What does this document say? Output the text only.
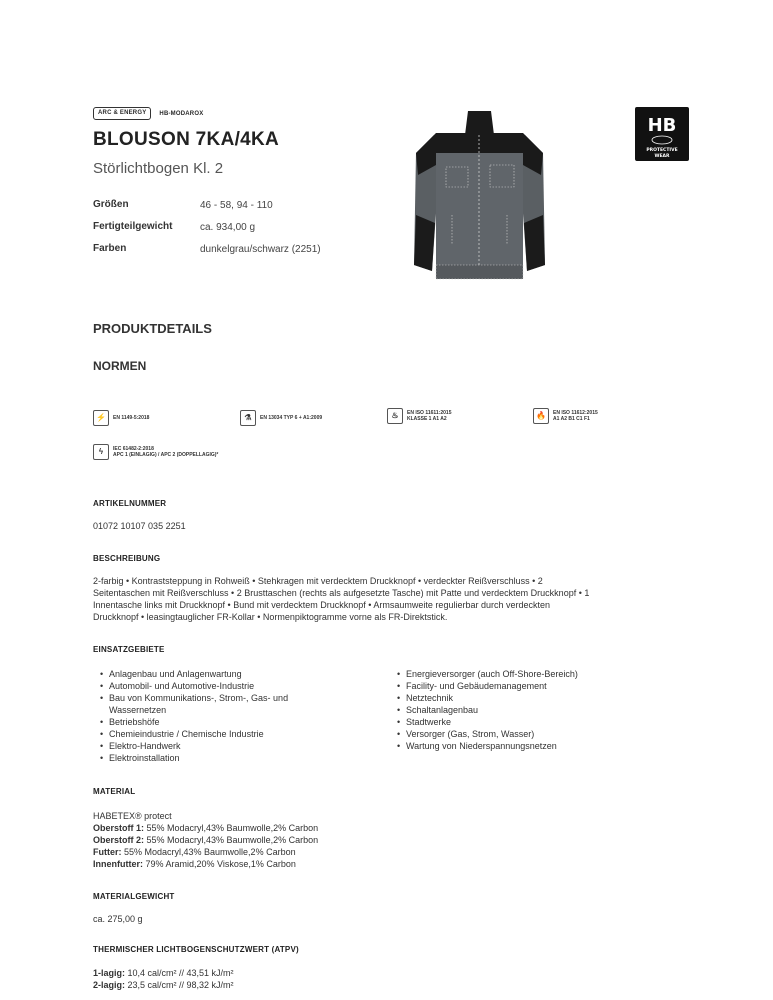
ARC & ENERGY	HB-MODAROX
BLOUSON 7KA/4KA
Störlichtbogen Kl. 2
Größen	46 - 58, 94 - 110
Fertigteilgewicht	ca. 934,00 g
Farben	dunkelgrau/schwarz (2251)
HB
PROTECTIVE
WEAR
PRODUKTDETAILS
NORMEN
⚡	EN 1149-5:2018	⚗	EN 13034 TYP 6 + A1:2009	♨	EN ISO 11611:2015
KLASSE 1 A1 A2	🔥	EN ISO 11612:2015
A1 A2 B1 C1 F1
ϟ	IEC 61482-2:2018
APC 1 (EINLAGIG) / APC 2 (DOPPELLAGIG)*
ARTIKELNUMMER
01072 10107 035 2251
BESCHREIBUNG
2-farbig • Kontraststeppung in Rohweiß • Stehkragen mit verdecktem Druckknopf • verdeckter Reißverschluss • 2
Seitentaschen mit Reißverschluss • 2 Brusttaschen (rechts als aufgesetzte Tasche) mit Patte und verdecktem Druckknopf • 1
Innentasche links mit Druckknopf • Bund mit verdecktem Druckknopf • Armsaumweite regulierbar durch verdeckten
Druckknopf • leasingtauglicher FR-Kollar • Normenpiktogramme vorne als FR-Direktstick.
EINSATZGEBIETE
• Anlagenbau und Anlagenwartung
• Automobil- und Automotive-Industrie
• Bau von Kommunikations-, Strom-, Gas- und Wassernetzen
• Betriebshöfe
• Chemieindustrie / Chemische Industrie
• Elektro-Handwerk
• Elektroinstallation
• Energieversorger (auch Off-Shore-Bereich)
• Facility- und Gebäudemanagement
• Netztechnik
• Schaltanlagenbau
• Stadtwerke
• Versorger (Gas, Strom, Wasser)
• Wartung von Niederspannungsnetzen
MATERIAL
HABETEX® protect
Oberstoff 1: 55% Modacryl,43% Baumwolle,2% Carbon
Oberstoff 2: 55% Modacryl,43% Baumwolle,2% Carbon
Futter: 55% Modacryl,43% Baumwolle,2% Carbon
Innenfutter: 79% Aramid,20% Viskose,1% Carbon
MATERIALGEWICHT
ca. 275,00 g
THERMISCHER LICHTBOGENSCHUTZWERT (ATPV)
1-lagig: 10,4 cal/cm² // 43,51 kJ/m²
2-lagig: 23,5 cal/cm² // 98,32 kJ/m²
